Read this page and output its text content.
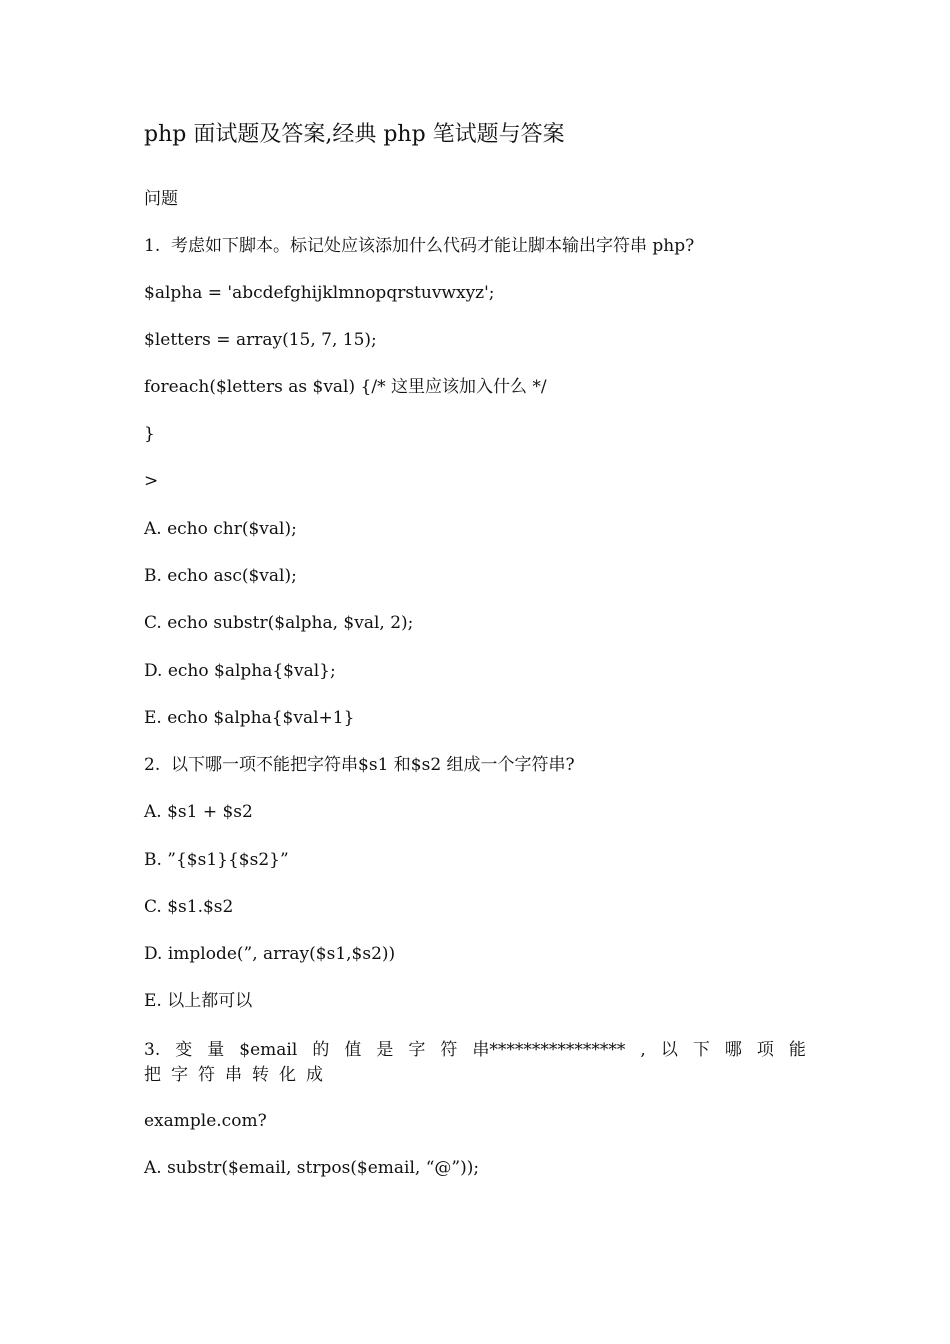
php 面试题及答案,经典 php 笔试题与答案
问题
1.  考虑如下脚本。标记处应该添加什么代码才能让脚本输出字符串 php?
$alpha = 'abcdefghijklmnopqrstuvwxyz';
$letters = array(15, 7, 15);
foreach($letters as $val) {/* 这里应该加入什么 */
}
>
A. echo chr($val);
B. echo asc($val);
C. echo substr($alpha, $val, 2);
D. echo $alpha{$val};
E. echo $alpha{$val+1}
2.  以下哪一项不能把字符串$s1 和$s2 组成一个字符串?
A. $s1 + $s2
B. ”{$s1}{$s2}”
C. $s1.$s2
D. implode(”, array($s1,$s2))
E. 以上都可以
3. 变 量 $email 的 值 是 字 符 串**************** , 以 下 哪 项 能
把字符串转化成
example.com?
A. substr($email, strpos($email, “@”));
